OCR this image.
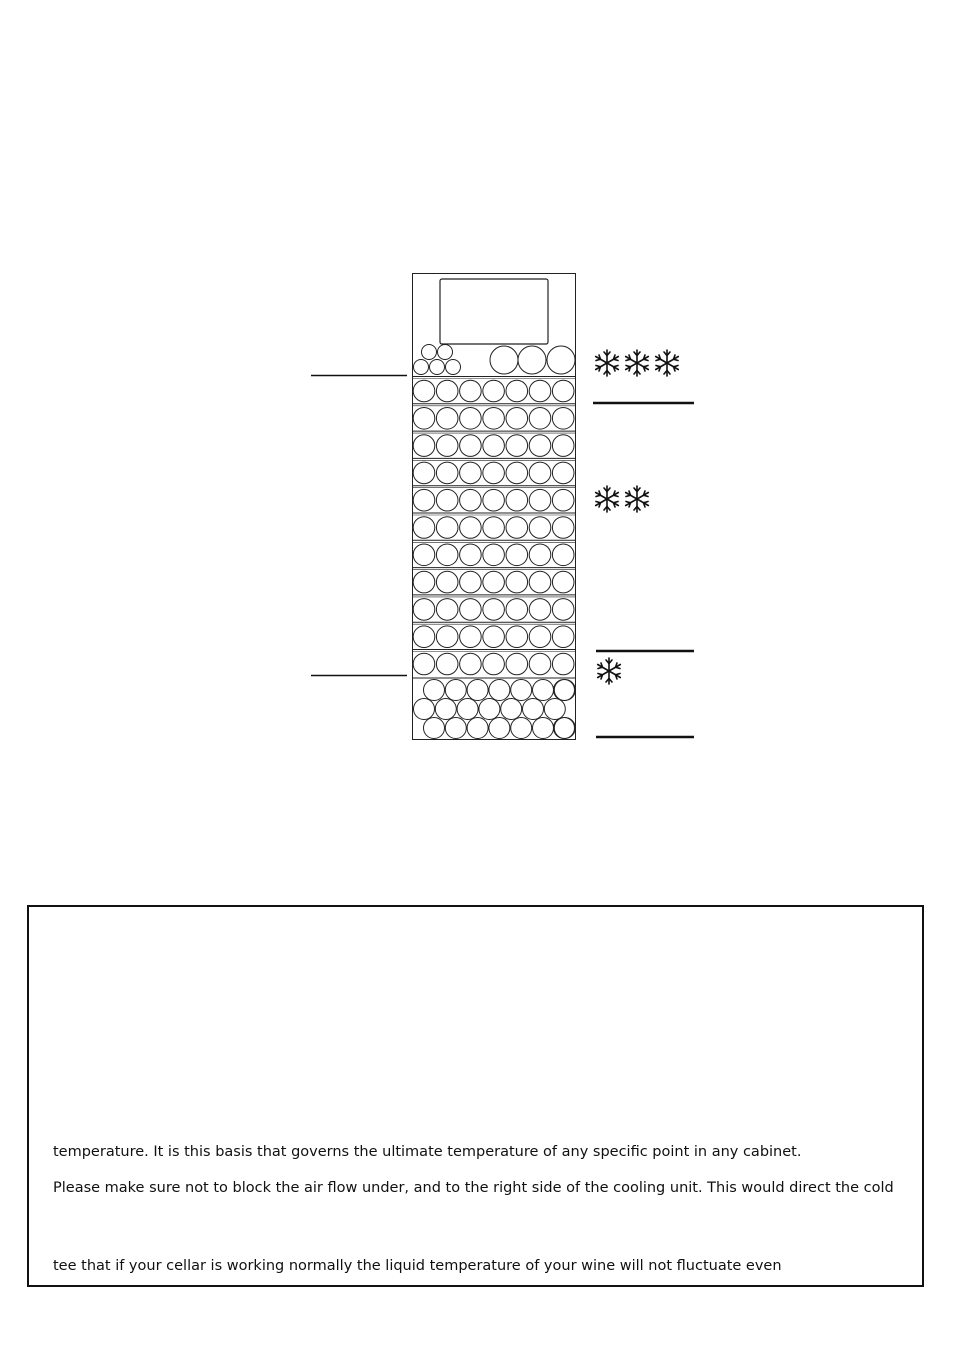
temperature. It is this basis that governs the ultimate temperature of any specific point in any cabinet.
Please make sure not to block the air flow under, and to the right side of the cooling unit. This would direct the cold
tee that if your cellar is working normally the liquid temperature of your wine will not fluctuate even
